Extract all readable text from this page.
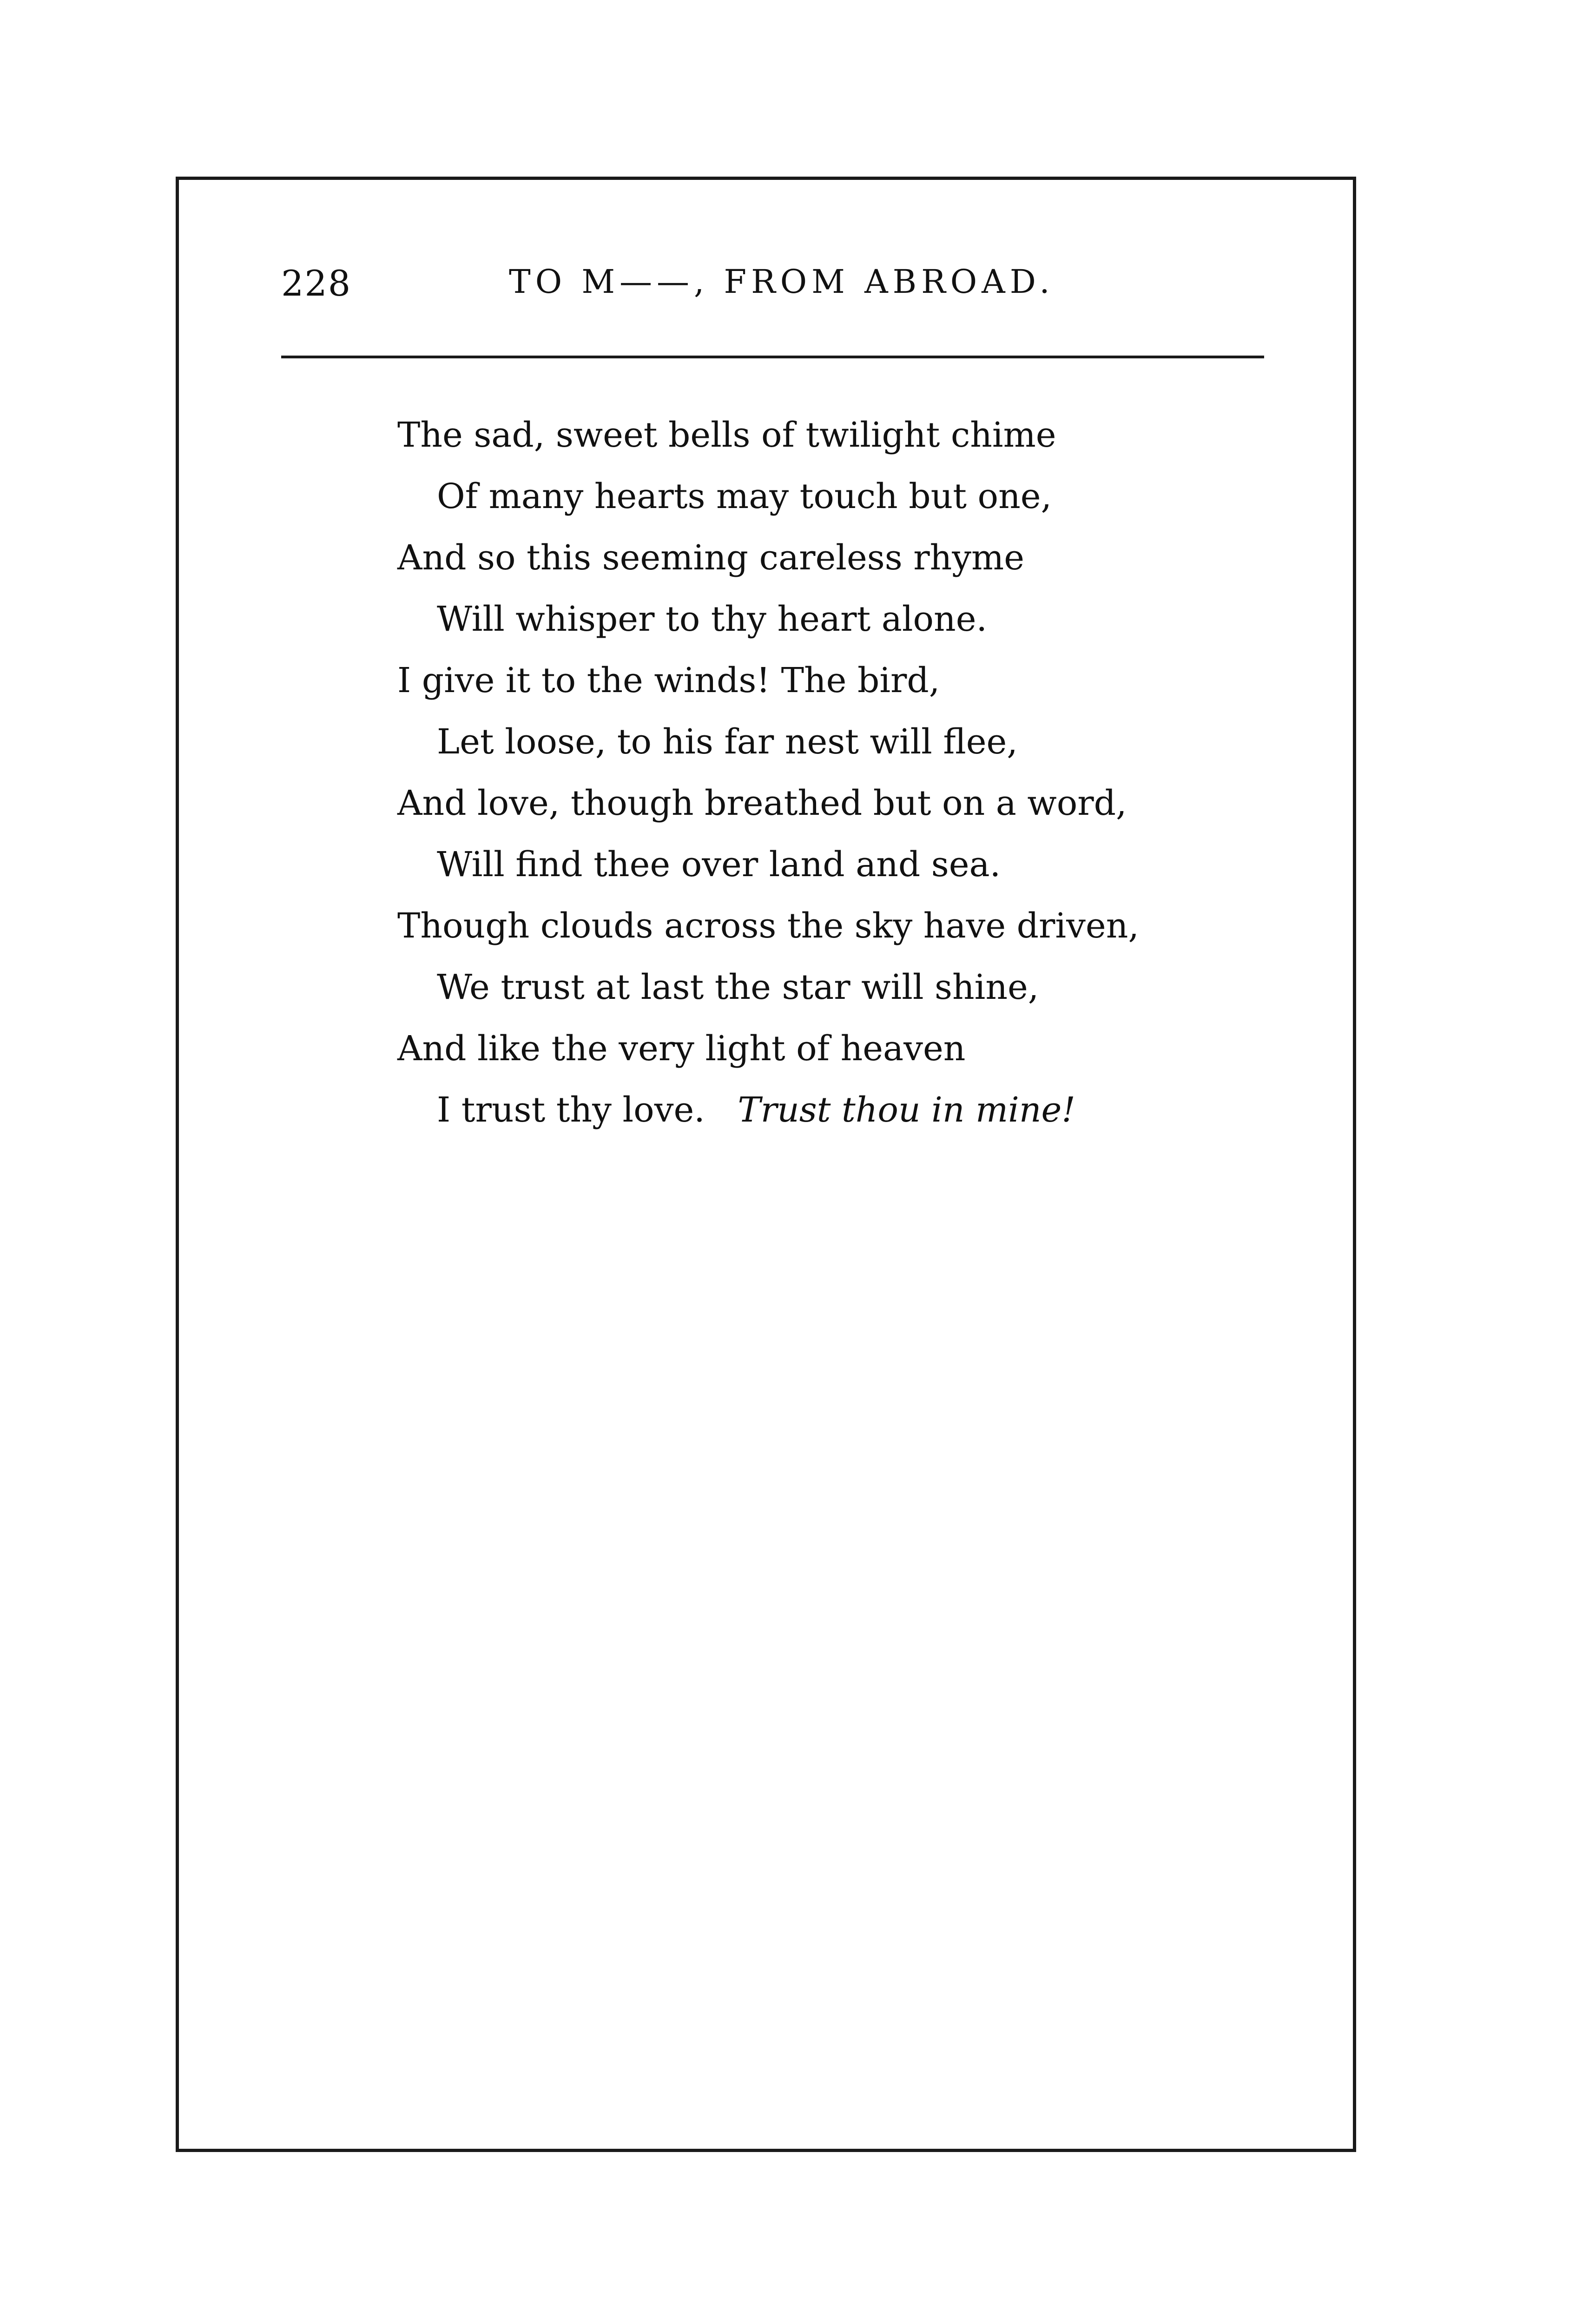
228	TO M——, FROM ABROAD.
The sad, sweet bells of twilight chime
Of many hearts may touch but one,
And so this seeming careless rhyme
Will whisper to thy heart alone.
I give it to the winds! The bird,
Let loose, to his far nest will flee,
And love, though breathed but on a word,
Will find thee over land and sea.
Though clouds across the sky have driven,
We trust at last the star will shine,
And like the very light of heaven
I trust thy love. Trust thou in mine!
